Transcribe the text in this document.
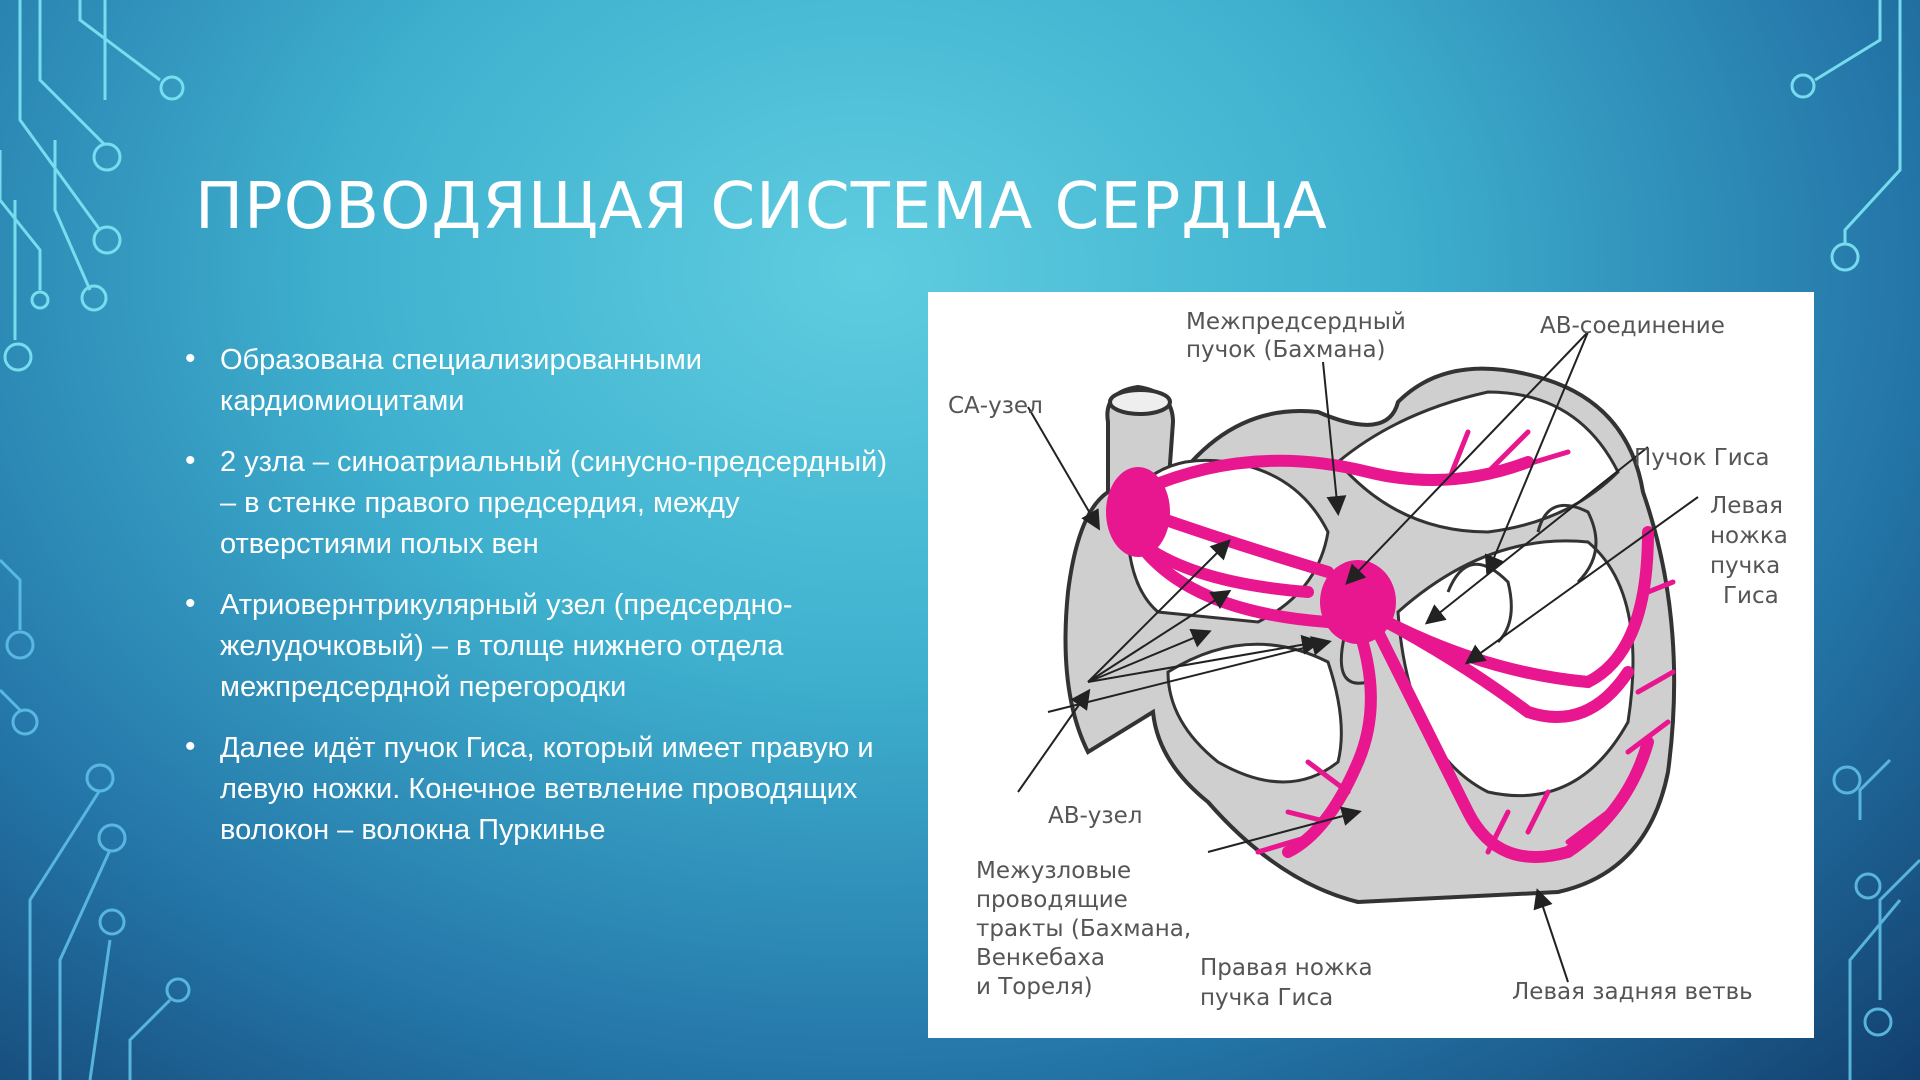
ПРОВОДЯЩАЯ СИСТЕМА СЕРДЦА
• Образована специализированными кардиомиоцитами
• 2 узла – синоатриальный (синусно-предсердный) – в стенке правого предсердия, между отверстиями полых вен
• Атриовернтрикулярный узел (предсердно-желудочковый) – в толще нижнего отдела межпредсердной перегородки
• Далее идёт пучок Гиса, который имеет правую и левую ножки. Конечное ветвление проводящих волокон – волокна Пуркинье
Межпредсердный
пучок (Бахмана)
АВ-соединение
СА-узел
Пучок Гиса
Левая
ножка
пучка
Гиса
АВ-узел
Межузловые
проводящие
тракты (Бахмана,
Венкебаха
и Тореля)
Правая ножка
пучка Гиса	Левая задняя ветвь
